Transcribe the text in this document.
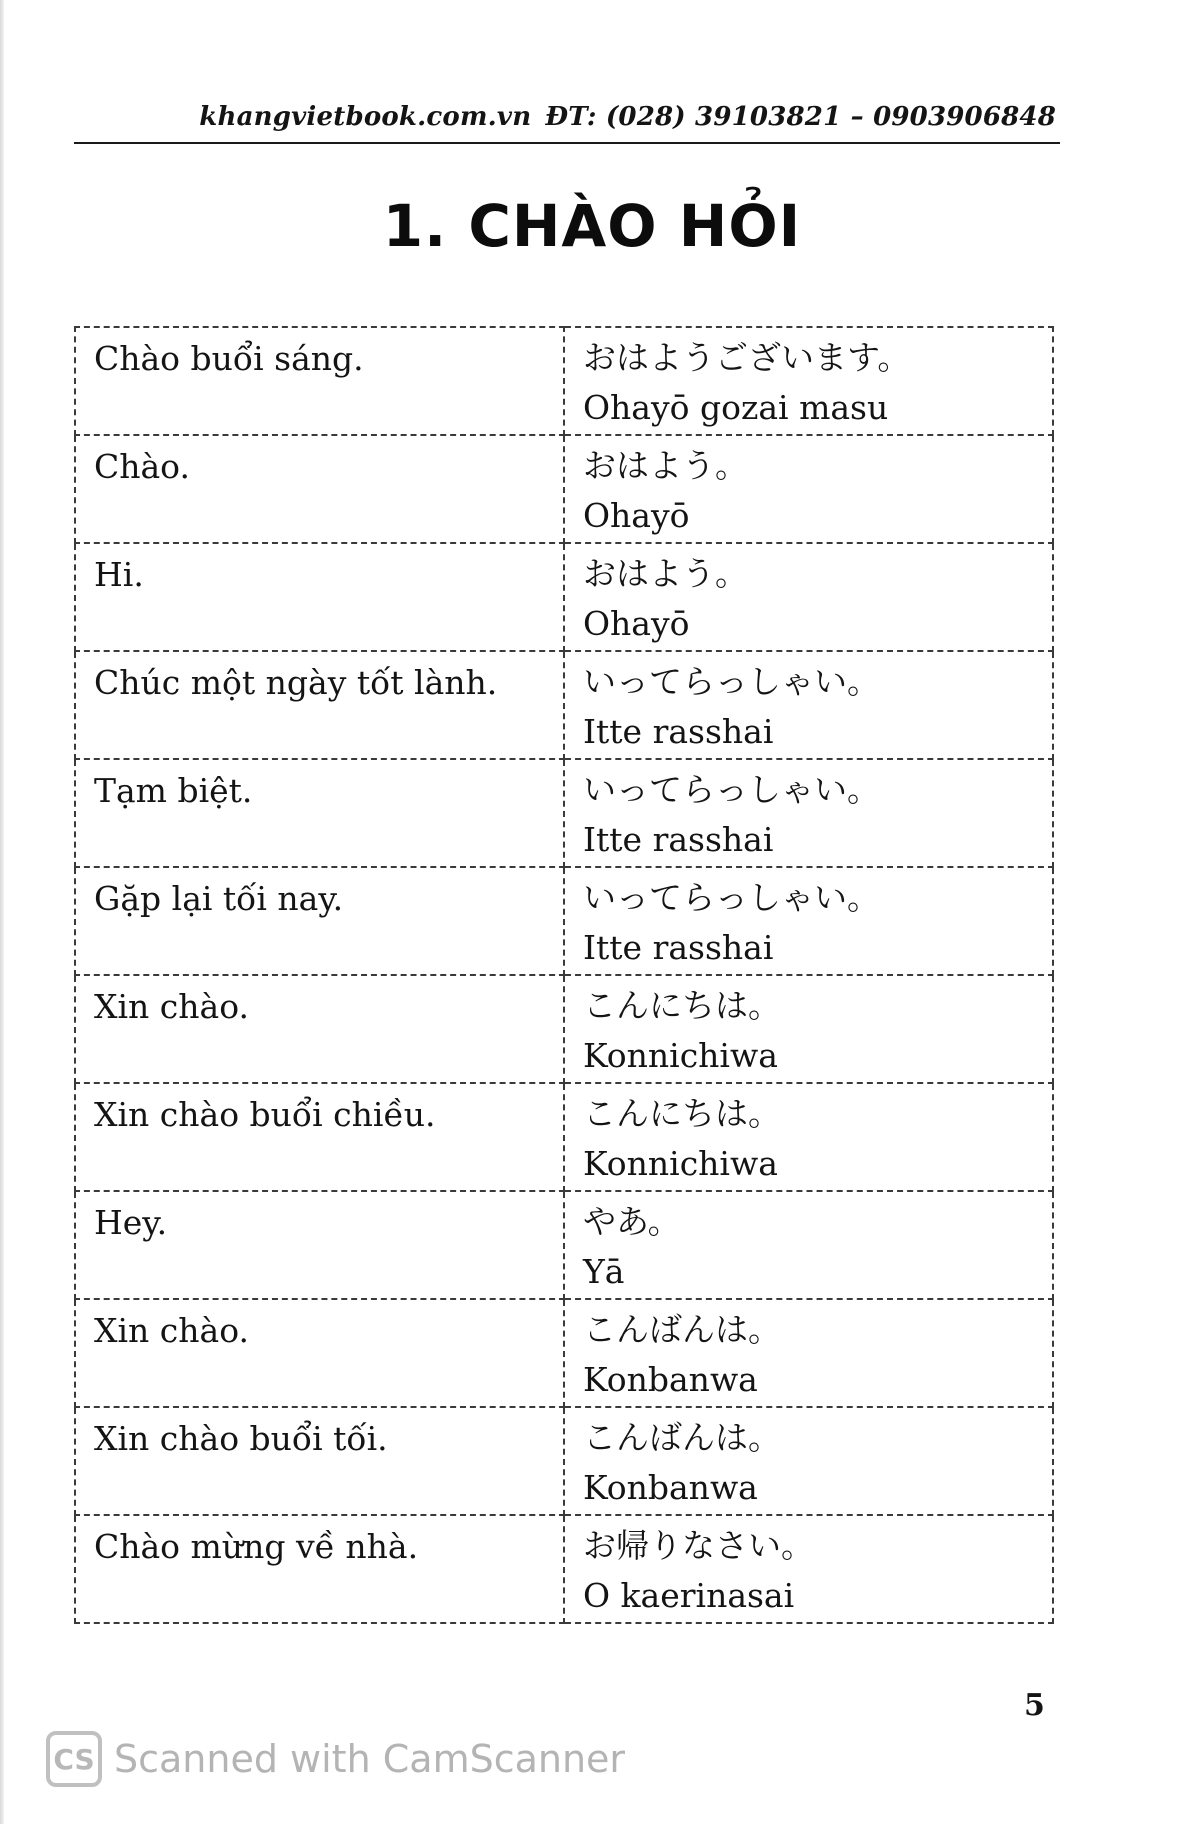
khangvietbook.com.vn ĐT: (028) 39103821 – 0903906848
1. CHÀO HỎI
Chào buổi sáng.	おはようございます。
Ohayō gozai masu

Chào.	おはよう。
Ohayō

Hi.	おはよう。
Ohayō

Chúc một ngày tốt lành.	いってらっしゃい。
Itte rasshai

Tạm biệt.	いってらっしゃい。
Itte rasshai

Gặp lại tối nay.	いってらっしゃい。
Itte rasshai

Xin chào.	こんにちは。
Konnichiwa

Xin chào buổi chiều.	こんにちは。
Konnichiwa

Hey.	やあ。
Yā

Xin chào.	こんばんは。
Konbanwa

Xin chào buổi tối.	こんばんは。
Konbanwa

Chào mừng về nhà.	お帰りなさい。
O kaerinasai
5
CS Scanned with CamScanner
